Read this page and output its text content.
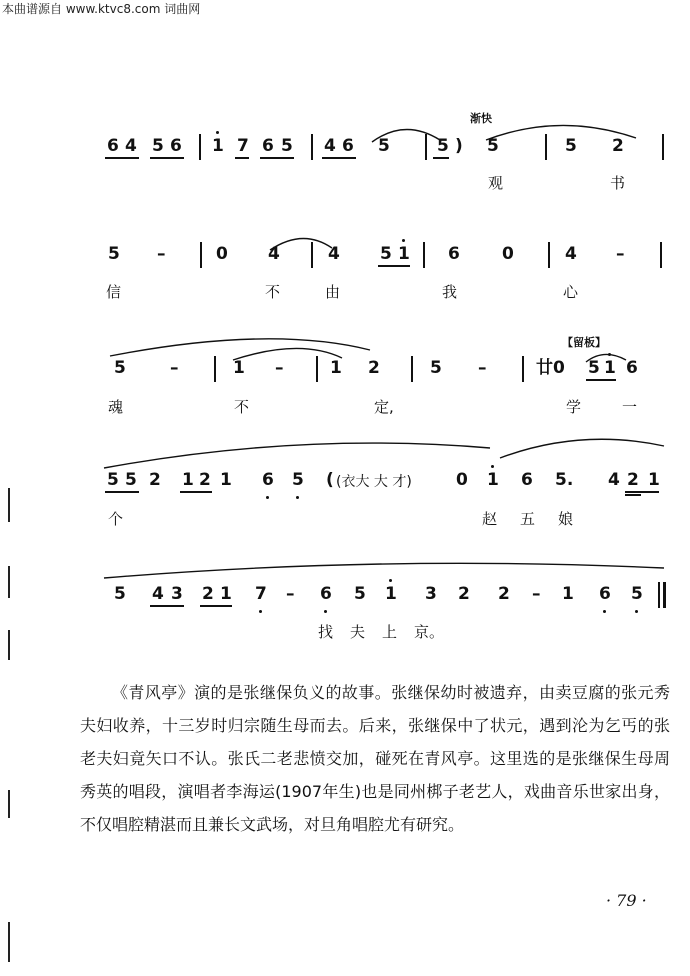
本曲谱源自 www.ktvc8.com 词曲网
渐快
【留板】
6 4 5 6 1 7 6 5 4 6 5	5 ) 5	5 2
观	书
5 –	0 4	4 5 1 6 0	4 –
信	不	由	我	心
5	–	1 –	1 2	5 –	廿0 5 1 6
魂	不	定,	学	一
5 5 2 1 2 1 6 5 ( (衣大 大 才)	0 1 6 5. 4 2 1
个	赵 五 娘
5 4 3 2 1 7 – 6 5 1 3 2 2 – 1 6 5
找 夫 上 京。

《青风亭》演的是张继保负义的故事。张继保幼时被遗弃，由卖豆腐的张元秀夫妇收养，十三岁时归宗随生母而去。后来，张继保中了状元，遇到沦为乞丐的张老夫妇竟矢口不认。张氏二老悲愤交加，碰死在青风亭。这里选的是张继保生母周秀英的唱段，演唱者李海运(1907年生)也是同州梆子老艺人，戏曲音乐世家出身，不仅唱腔精湛而且兼长文武场，对旦角唱腔尤有研究。

· 79 ·
